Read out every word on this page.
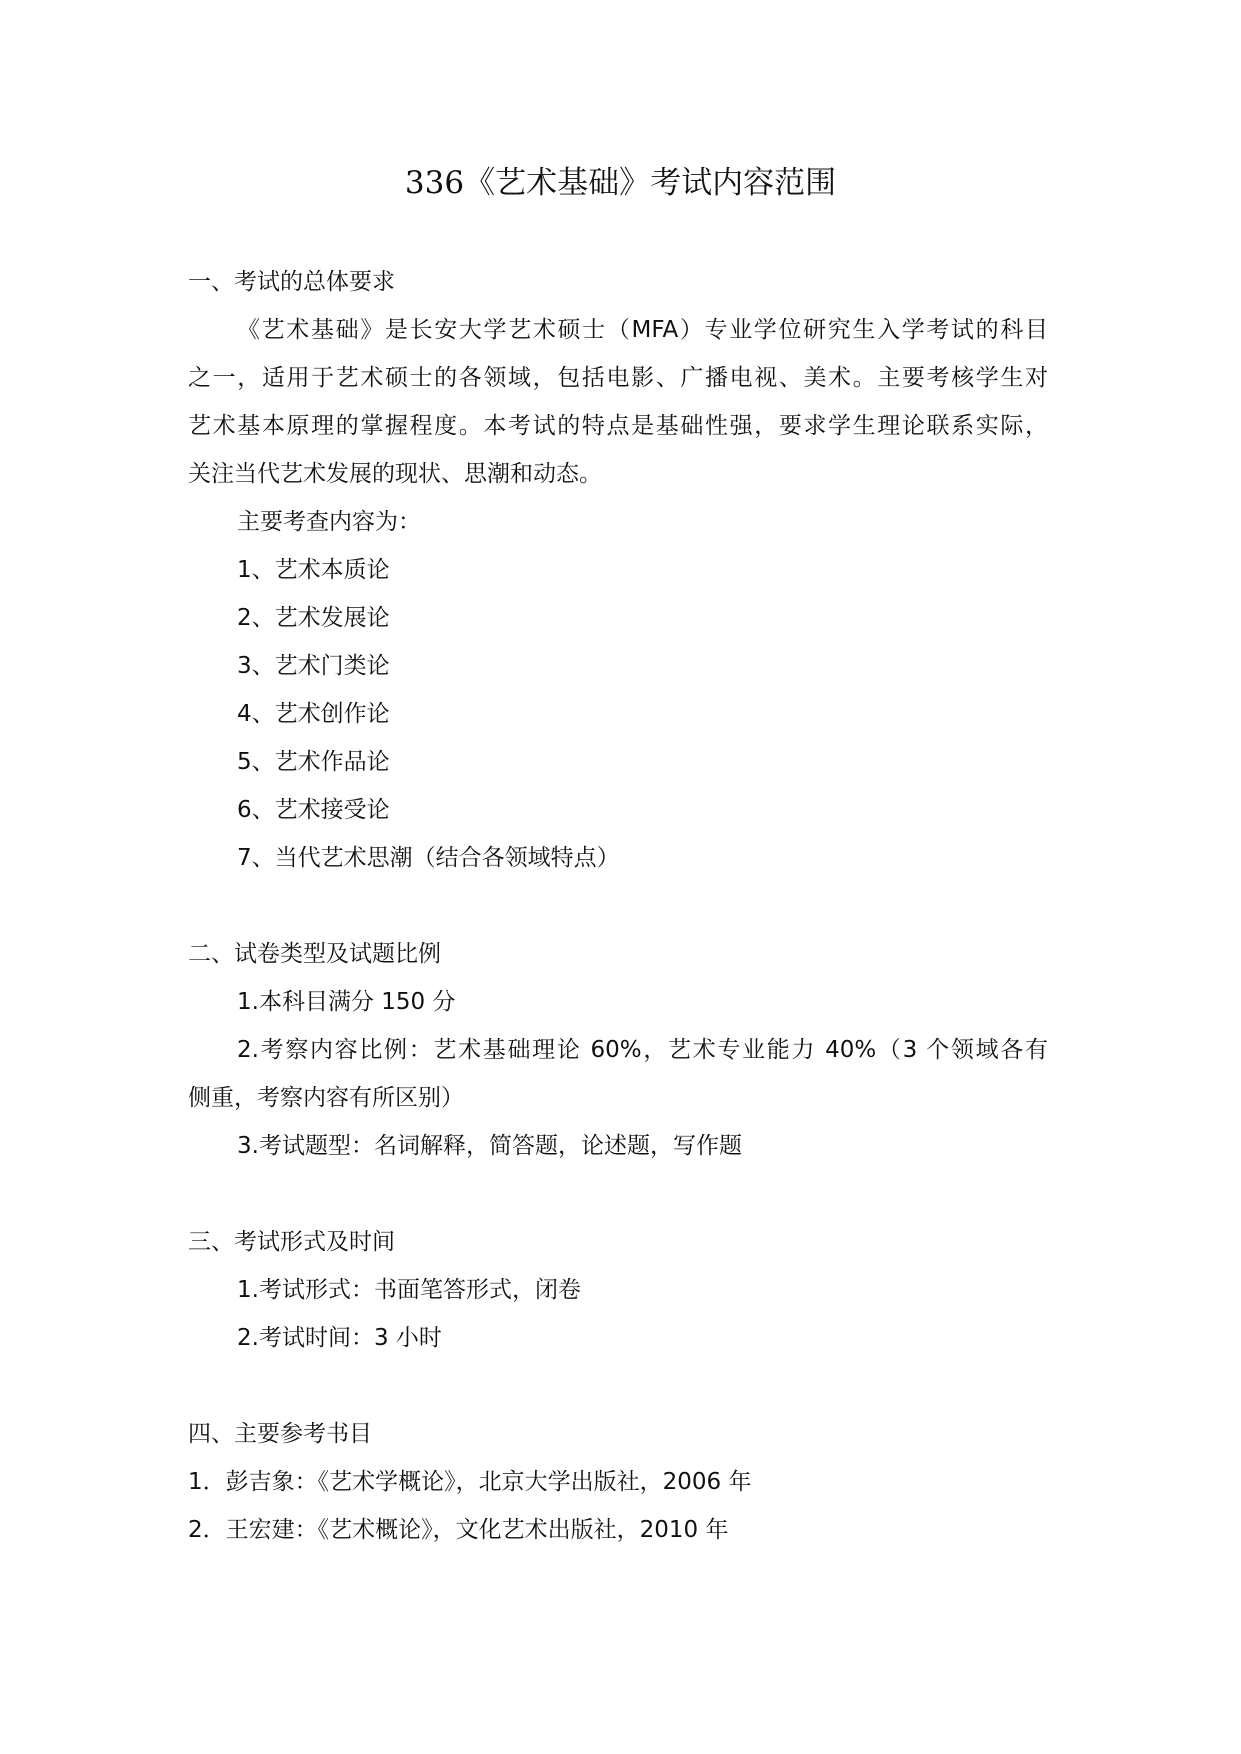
336《艺术基础》考试内容范围
一、考试的总体要求
《艺术基础》是长安大学艺术硕士（MFA）专业学位研究生入学考试的科目
之一，适用于艺术硕士的各领域，包括电影、广播电视、美术。主要考核学生对
艺术基本原理的掌握程度。本考试的特点是基础性强，要求学生理论联系实际，
关注当代艺术发展的现状、思潮和动态。
主要考查内容为：
1、艺术本质论
2、艺术发展论
3、艺术门类论
4、艺术创作论
5、艺术作品论
6、艺术接受论
7、当代艺术思潮（结合各领域特点）
二、试卷类型及试题比例
1.本科目满分 150 分
2.考察内容比例：艺术基础理论 60%，艺术专业能力 40%（3 个领域各有
侧重，考察内容有所区别）
3.考试题型：名词解释，简答题，论述题，写作题
三、考试形式及时间
1.考试形式：书面笔答形式，闭卷
2.考试时间：3 小时
四、主要参考书目
1．彭吉象：《艺术学概论》，北京大学出版社，2006 年
2．王宏建：《艺术概论》，文化艺术出版社，2010 年
